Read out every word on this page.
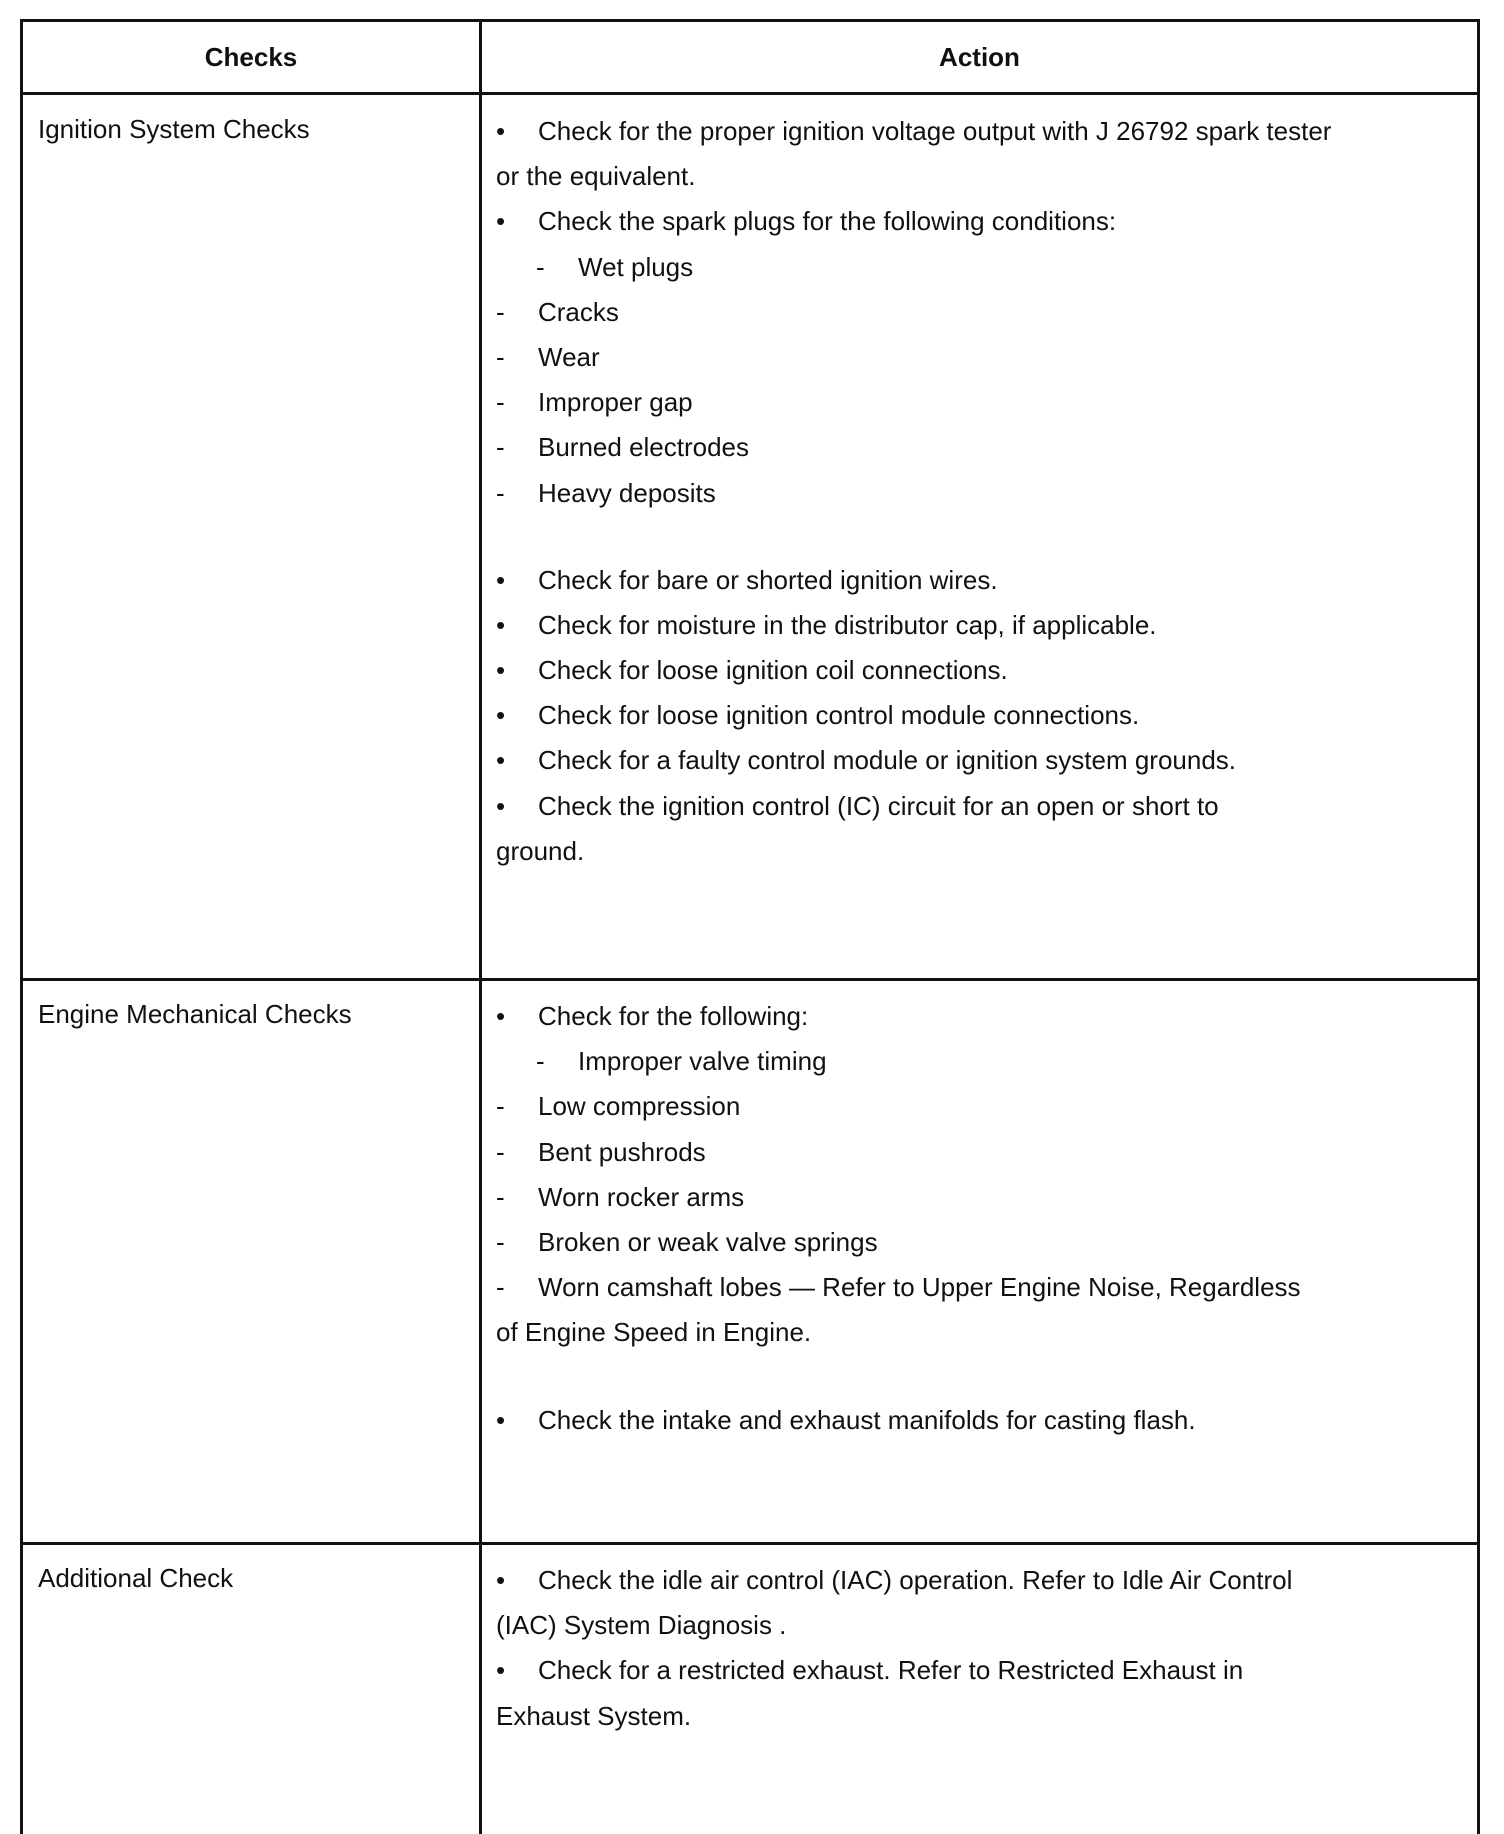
Checks	Action
Ignition System Checks	•Check for the proper ignition voltage output with J 26792 spark tester
or the equivalent.
•Check the spark plugs for the following conditions:
-Wet plugs
-Cracks
-Wear
-Improper gap
-Burned electrodes
-Heavy deposits
•Check for bare or shorted ignition wires.
•Check for moisture in the distributor cap, if applicable.
•Check for loose ignition coil connections.
•Check for loose ignition control module connections.
•Check for a faulty control module or ignition system grounds.
•Check the ignition control (IC) circuit for an open or short to
ground.
Engine Mechanical Checks	•Check for the following:
-Improper valve timing
-Low compression
-Bent pushrods
-Worn rocker arms
-Broken or weak valve springs
-Worn camshaft lobes — Refer to Upper Engine Noise, Regardless
of Engine Speed in Engine.
•Check the intake and exhaust manifolds for casting flash.
Additional Check	•Check the idle air control (IAC) operation. Refer to Idle Air Control
(IAC) System Diagnosis .
•Check for a restricted exhaust. Refer to Restricted Exhaust in
Exhaust System.
